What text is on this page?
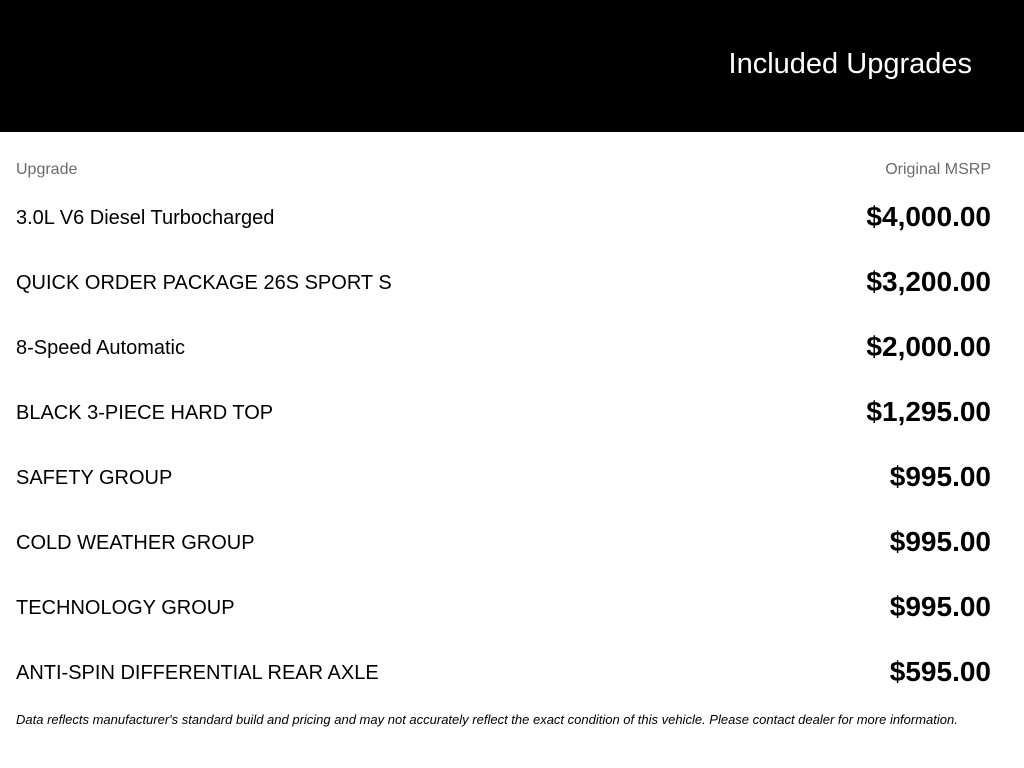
Included Upgrades
Upgrade	Original MSRP
3.0L V6 Diesel Turbocharged	$4,000.00
QUICK ORDER PACKAGE 26S SPORT S	$3,200.00
8-Speed Automatic	$2,000.00
BLACK 3-PIECE HARD TOP	$1,295.00
SAFETY GROUP	$995.00
COLD WEATHER GROUP	$995.00
TECHNOLOGY GROUP	$995.00
ANTI-SPIN DIFFERENTIAL REAR AXLE	$595.00
Data reflects manufacturer's standard build and pricing and may not accurately reflect the exact condition of this vehicle. Please contact dealer for more information.
